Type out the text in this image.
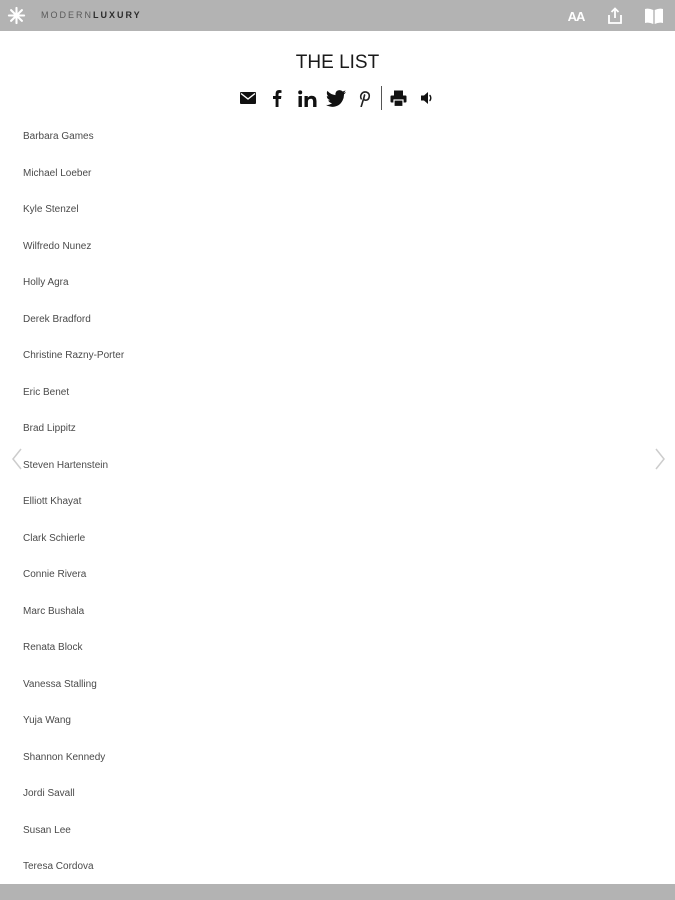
MODERNLUXURY	AA
THE LIST
Barbara Games
Michael Loeber
Kyle Stenzel
Wilfredo Nunez
Holly Agra
Derek Bradford
Christine Razny-Porter
Eric Benet
Brad Lippitz
Steven Hartenstein
Elliott Khayat
Clark Schierle
Connie Rivera
Marc Bushala
Renata Block
Vanessa Stalling
Yuja Wang
Shannon Kennedy
Jordi Savall
Susan Lee
Teresa Cordova
